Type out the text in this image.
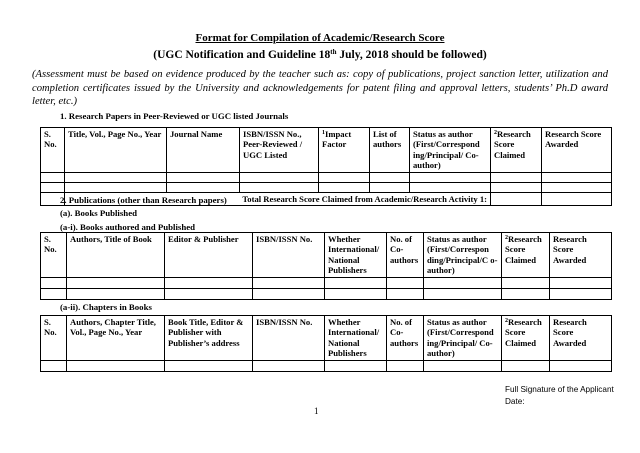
Format for Compilation of Academic/Research Score
(UGC Notification and Guideline 18th July, 2018 should be followed)
(Assessment must be based on evidence produced by the teacher such as: copy of publications, project sanction letter, utilization and completion certificates issued by the University and acknowledgements for patent filing and approval letters, students’ Ph.D award letter, etc.)
1. Research Papers in Peer-Reviewed or UGC listed Journals
S. No.	Title, Vol., Page No., Year	Journal Name	ISBN/ISSN No., Peer-Reviewed / UGC Listed	$^1$Impact Factor	List of authors	Status as author (First/Correspond ing/Principal/ Co-author)	$^2$Research Score Claimed	Research Score Awarded

	Total Research Score Claimed from Academic/Research Activity 1:							
2. Publications (other than Research papers)
(a). Books Published
(a-i). Books authored and Published
S. No.	Authors, Title of Book	Editor & Publisher	ISBN/ISSN No.	Whether International/ National Publishers	No. of Co-authors	Status as author (First/Correspon ding/Principal/C o-author)	$^2$Research Score Claimed	Research Score Awarded

(a-ii). Chapters in Books
S. No.	Authors, Chapter Title, Vol., Page No., Year	Book Title, Editor & Publisher with Publisher’s address	ISBN/ISSN No.	Whether International/ National Publishers	No. of Co-authors	Status as author (First/Correspond ing/Principal/ Co-author)	$^2$Research Score Claimed	Research Score Awarded

Full Signature of the Applicant
Date:
1
